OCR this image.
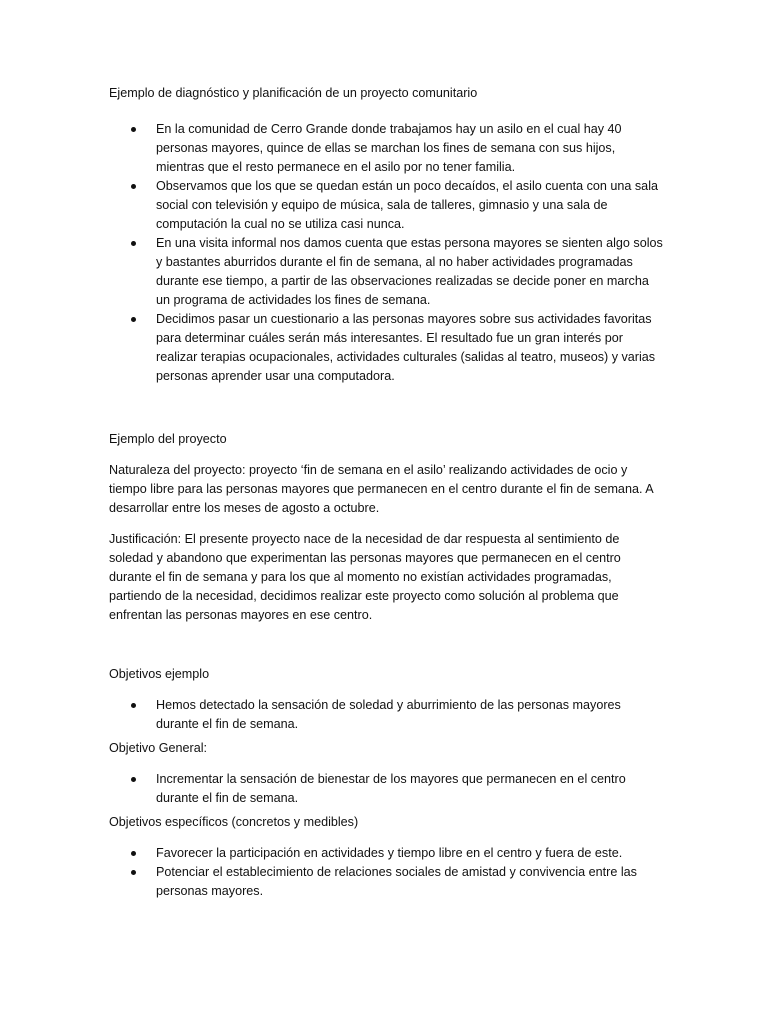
Ejemplo de diagnóstico y planificación de un proyecto comunitario
En la comunidad de Cerro Grande donde trabajamos hay un asilo en el cual hay 40 personas mayores, quince de ellas se marchan los fines de semana con sus hijos, mientras que el resto permanece en el asilo por no tener familia.
Observamos que los que se quedan están un poco decaídos, el asilo cuenta con una sala social con televisión y equipo de música, sala de talleres, gimnasio y una sala de computación la cual no se utiliza casi nunca.
En una visita informal nos damos cuenta que estas persona mayores se sienten algo solos y bastantes aburridos durante el fin de semana, al no haber actividades programadas durante ese tiempo, a partir de las observaciones realizadas se decide poner en marcha un programa de actividades los fines de semana.
Decidimos pasar un cuestionario a las personas mayores sobre sus actividades favoritas para determinar cuáles serán más interesantes. El resultado fue un gran interés por realizar terapias ocupacionales, actividades culturales (salidas al teatro, museos) y varias personas aprender usar una computadora.
Ejemplo del proyecto

Naturaleza del proyecto: proyecto ‘fin de semana en el asilo’ realizando actividades de ocio y tiempo libre para las personas mayores que permanecen en el centro durante el fin de semana. A desarrollar entre los meses de agosto a octubre.

Justificación: El presente proyecto nace de la necesidad de dar respuesta al sentimiento de soledad y abandono que experimentan las personas mayores que permanecen en el centro durante el fin de semana y para los que al momento no existían actividades programadas, partiendo de la necesidad, decidimos realizar este proyecto como solución al problema que enfrentan las personas mayores en ese centro.

Objetivos ejemplo
Hemos detectado la sensación de soledad y aburrimiento de las personas mayores durante el fin de semana.
Objetivo General:
Incrementar la sensación de bienestar de los mayores que permanecen en el centro durante el fin de semana.
Objetivos específicos (concretos y medibles)
Favorecer la participación en actividades y tiempo libre en el centro y fuera de este.
Potenciar el establecimiento de relaciones sociales de amistad y convivencia entre las personas mayores.
